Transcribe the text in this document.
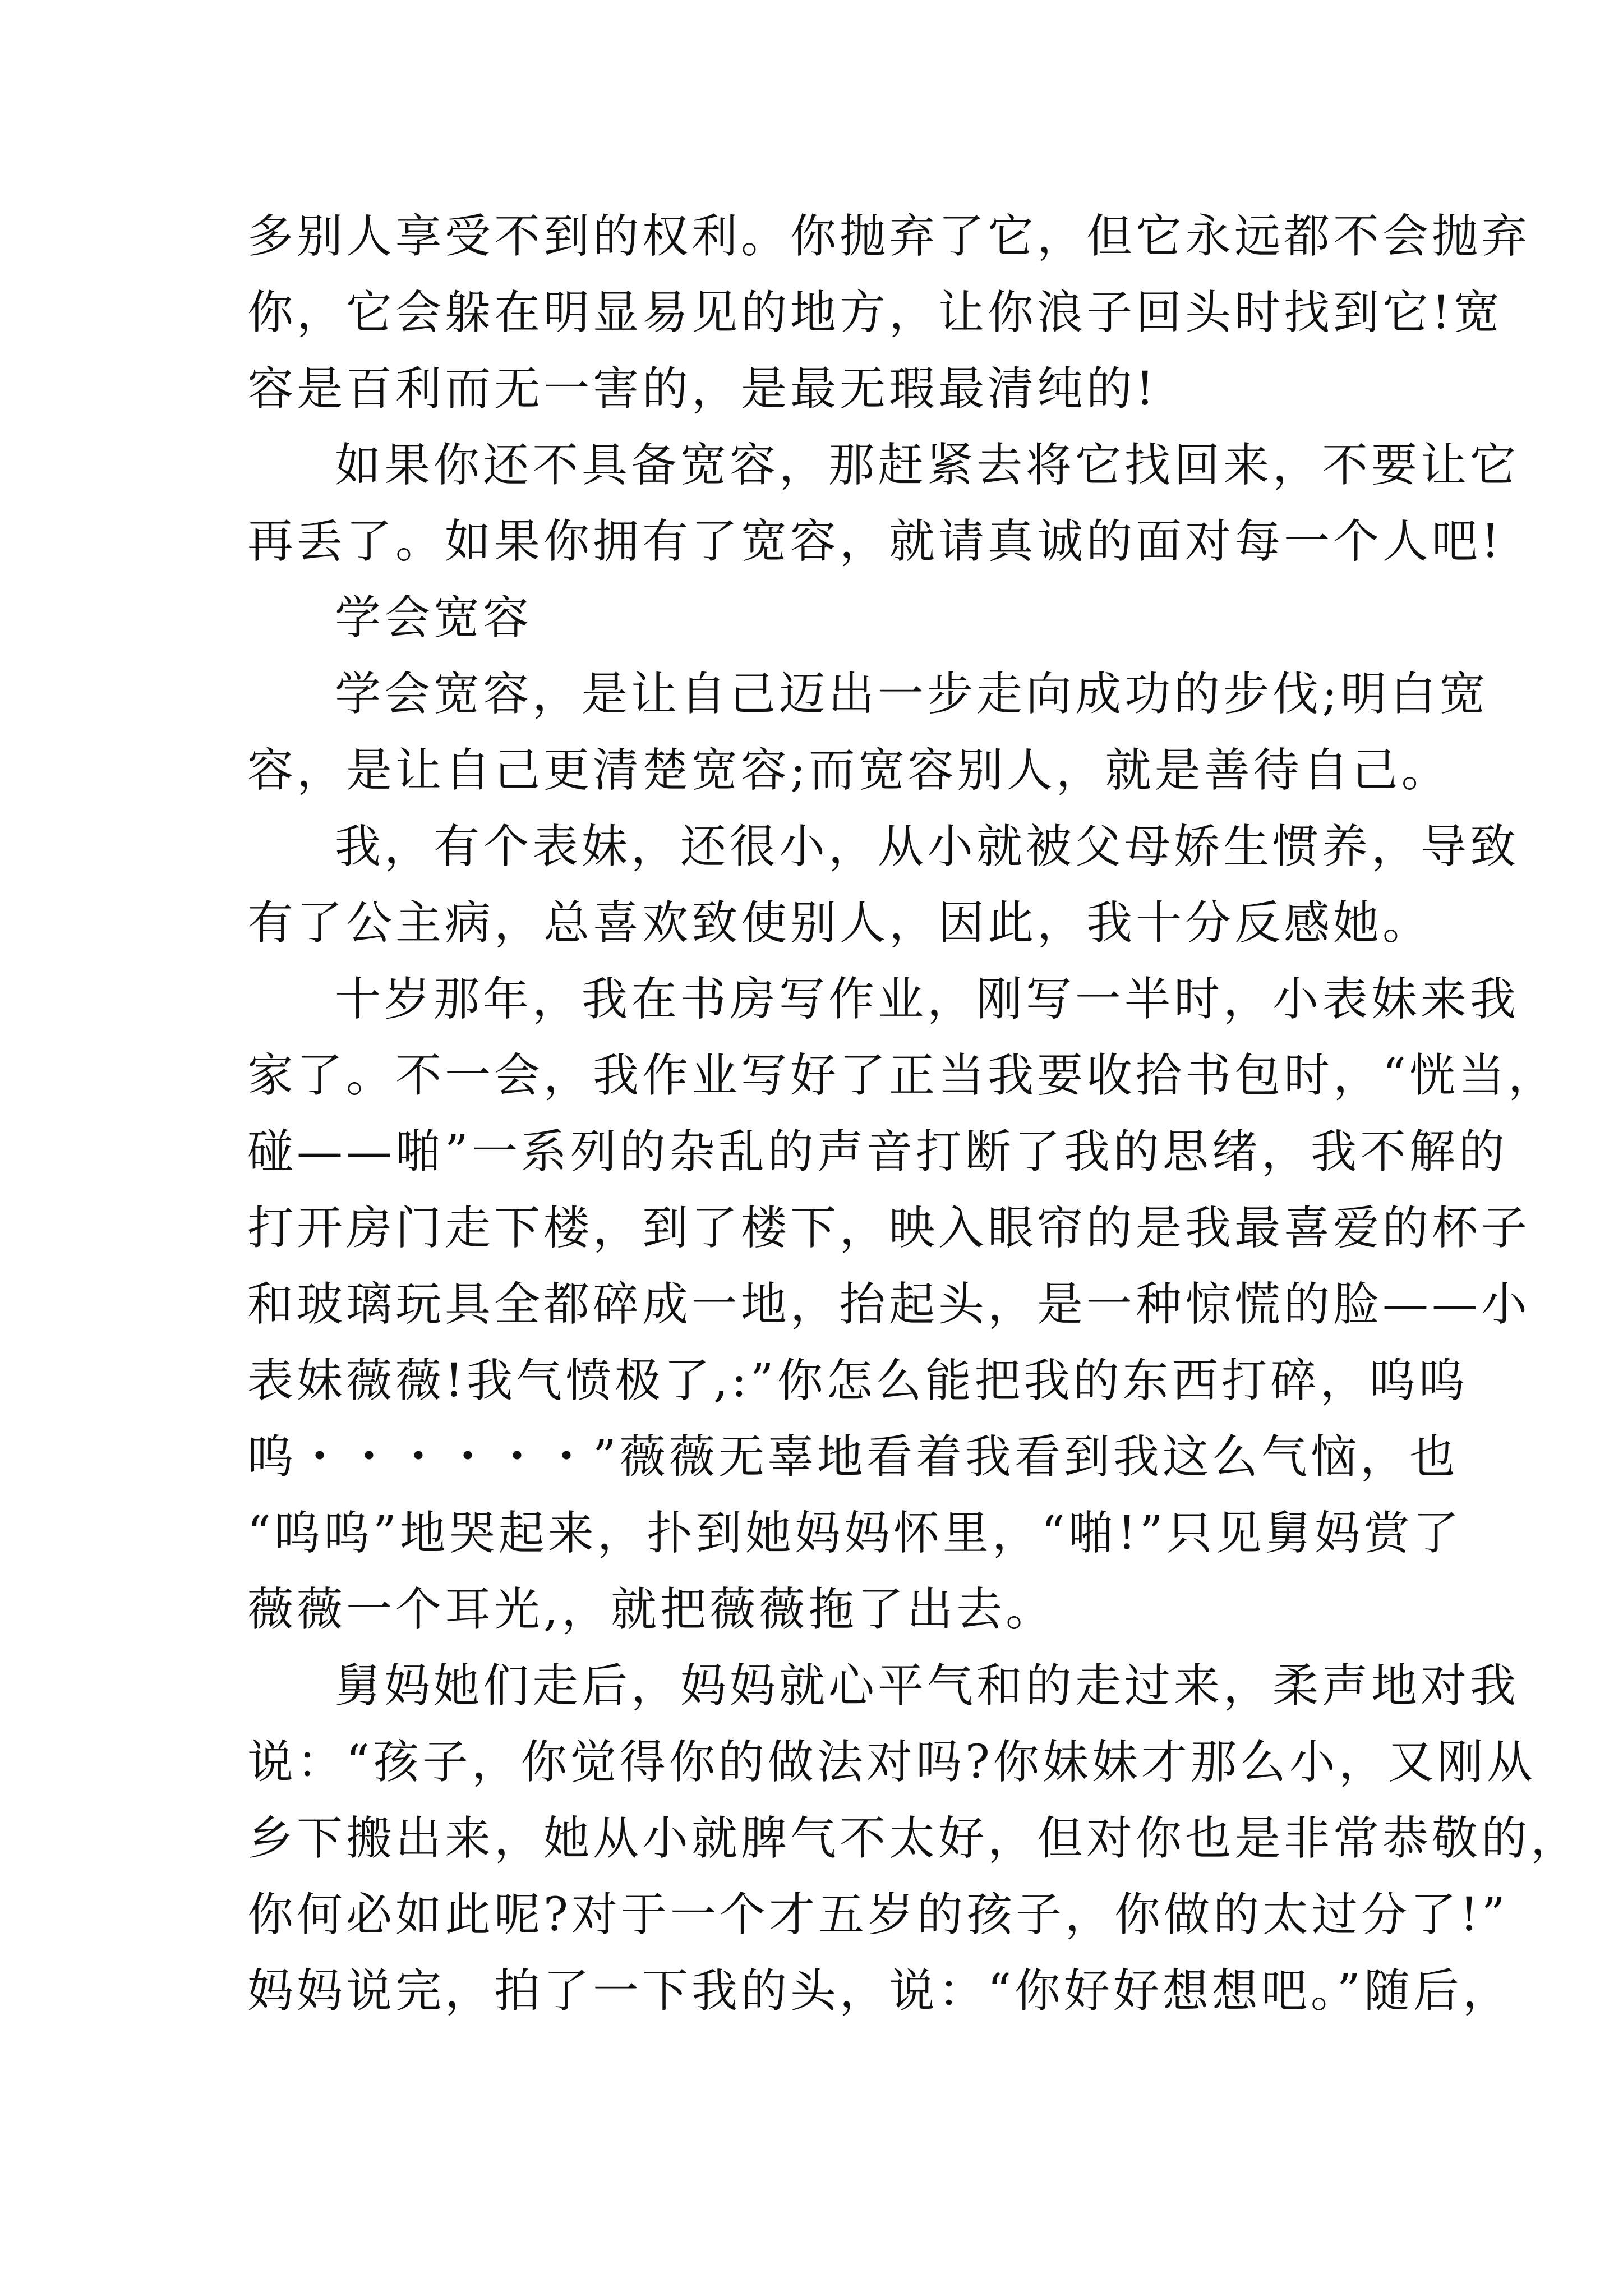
多别人享受不到的权利。你抛弃了它，但它永远都不会抛弃
你，它会躲在明显易见的地方，让你浪子回头时找到它!宽
容是百利而无一害的，是最无瑕最清纯的!
如果你还不具备宽容，那赶紧去将它找回来，不要让它
再丢了。如果你拥有了宽容，就请真诚的面对每一个人吧!
学会宽容
学会宽容，是让自己迈出一步走向成功的步伐;明白宽
容，是让自己更清楚宽容;而宽容别人，就是善待自己。
我，有个表妹，还很小，从小就被父母娇生惯养，导致
有了公主病，总喜欢致使别人，因此，我十分反感她。
十岁那年，我在书房写作业，刚写一半时，小表妹来我
家了。不一会，我作业写好了正当我要收拾书包时，“恍当，
碰——啪”一系列的杂乱的声音打断了我的思绪，我不解的
打开房门走下楼，到了楼下，映入眼帘的是我最喜爱的杯子
和玻璃玩具全都碎成一地，抬起头，是一种惊慌的脸——小
表妹薇薇!我气愤极了,:”你怎么能把我的东西打碎，呜呜
呜・・・・・・”薇薇无辜地看着我看到我这么气恼，也
“呜呜”地哭起来，扑到她妈妈怀里，“啪!”只见舅妈赏了
薇薇一个耳光,，就把薇薇拖了出去。
舅妈她们走后，妈妈就心平气和的走过来，柔声地对我
说：“孩子，你觉得你的做法对吗?你妹妹才那么小，又刚从
乡下搬出来，她从小就脾气不太好，但对你也是非常恭敬的，
你何必如此呢?对于一个才五岁的孩子，你做的太过分了!”
妈妈说完，拍了一下我的头，说：“你好好想想吧。”随后，
